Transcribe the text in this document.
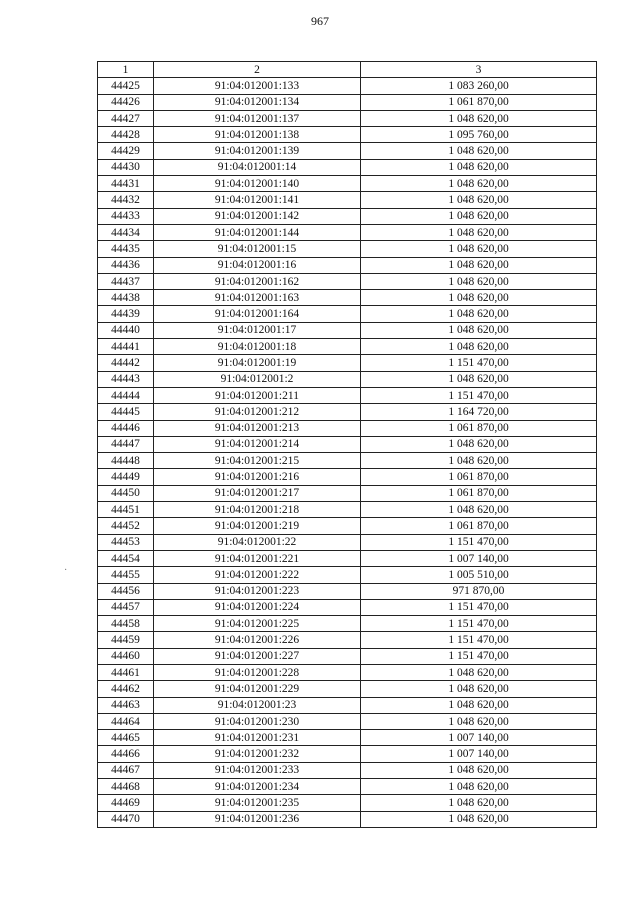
967
1	2	3
44425	91:04:012001:133	1 083 260,00
44426	91:04:012001:134	1 061 870,00
44427	91:04:012001:137	1 048 620,00
44428	91:04:012001:138	1 095 760,00
44429	91:04:012001:139	1 048 620,00
44430	91:04:012001:14	1 048 620,00
44431	91:04:012001:140	1 048 620,00
44432	91:04:012001:141	1 048 620,00
44433	91:04:012001:142	1 048 620,00
44434	91:04:012001:144	1 048 620,00
44435	91:04:012001:15	1 048 620,00
44436	91:04:012001:16	1 048 620,00
44437	91:04:012001:162	1 048 620,00
44438	91:04:012001:163	1 048 620,00
44439	91:04:012001:164	1 048 620,00
44440	91:04:012001:17	1 048 620,00
44441	91:04:012001:18	1 048 620,00
44442	91:04:012001:19	1 151 470,00
44443	91:04:012001:2	1 048 620,00
44444	91:04:012001:211	1 151 470,00
44445	91:04:012001:212	1 164 720,00
44446	91:04:012001:213	1 061 870,00
44447	91:04:012001:214	1 048 620,00
44448	91:04:012001:215	1 048 620,00
44449	91:04:012001:216	1 061 870,00
44450	91:04:012001:217	1 061 870,00
44451	91:04:012001:218	1 048 620,00
44452	91:04:012001:219	1 061 870,00
44453	91:04:012001:22	1 151 470,00
44454	91:04:012001:221	1 007 140,00
44455	91:04:012001:222	1 005 510,00
44456	91:04:012001:223	971 870,00
44457	91:04:012001:224	1 151 470,00
44458	91:04:012001:225	1 151 470,00
44459	91:04:012001:226	1 151 470,00
44460	91:04:012001:227	1 151 470,00
44461	91:04:012001:228	1 048 620,00
44462	91:04:012001:229	1 048 620,00
44463	91:04:012001:23	1 048 620,00
44464	91:04:012001:230	1 048 620,00
44465	91:04:012001:231	1 007 140,00
44466	91:04:012001:232	1 007 140,00
44467	91:04:012001:233	1 048 620,00
44468	91:04:012001:234	1 048 620,00
44469	91:04:012001:235	1 048 620,00
44470	91:04:012001:236	1 048 620,00
·
